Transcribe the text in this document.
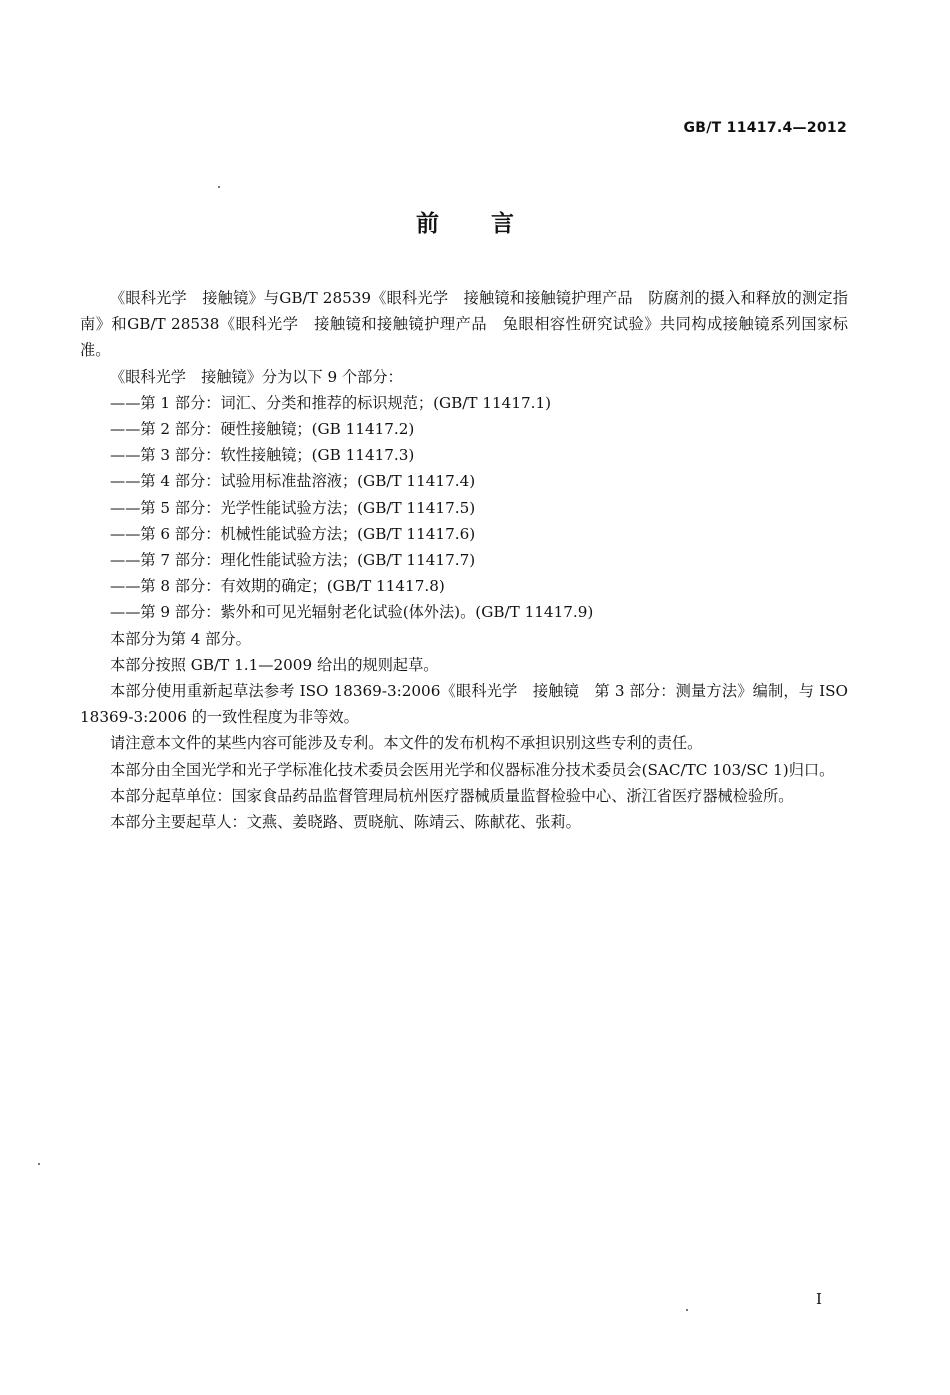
GB/T 11417.4—2012
前言

《眼科光学　接触镜》与GB/T 28539《眼科光学　接触镜和接触镜护理产品　防腐剂的摄入和释放的测定指南》和GB/T 28538《眼科光学　接触镜和接触镜护理产品　兔眼相容性研究试验》共同构成接触镜系列国家标准。

《眼科光学　接触镜》分为以下 9 个部分：

——第 1 部分：词汇、分类和推荐的标识规范；(GB/T 11417.1)

——第 2 部分：硬性接触镜；(GB 11417.2)

——第 3 部分：软性接触镜；(GB 11417.3)

——第 4 部分：试验用标准盐溶液；(GB/T 11417.4)

——第 5 部分：光学性能试验方法；(GB/T 11417.5)

——第 6 部分：机械性能试验方法；(GB/T 11417.6)

——第 7 部分：理化性能试验方法；(GB/T 11417.7)

——第 8 部分：有效期的确定；(GB/T 11417.8)

——第 9 部分：紫外和可见光辐射老化试验(体外法)。(GB/T 11417.9)

本部分为第 4 部分。

本部分按照 GB/T 1.1—2009 给出的规则起草。

本部分使用重新起草法参考 ISO 18369-3:2006《眼科光学　接触镜　第 3 部分：测量方法》编制，与 ISO 18369-3:2006 的一致性程度为非等效。

请注意本文件的某些内容可能涉及专利。本文件的发布机构不承担识别这些专利的责任。

本部分由全国光学和光子学标准化技术委员会医用光学和仪器标准分技术委员会(SAC/TC 103/SC 1)归口。

本部分起草单位：国家食品药品监督管理局杭州医疗器械质量监督检验中心、浙江省医疗器械检验所。

本部分主要起草人：文燕、姜晓路、贾晓航、陈靖云、陈献花、张莉。

I
